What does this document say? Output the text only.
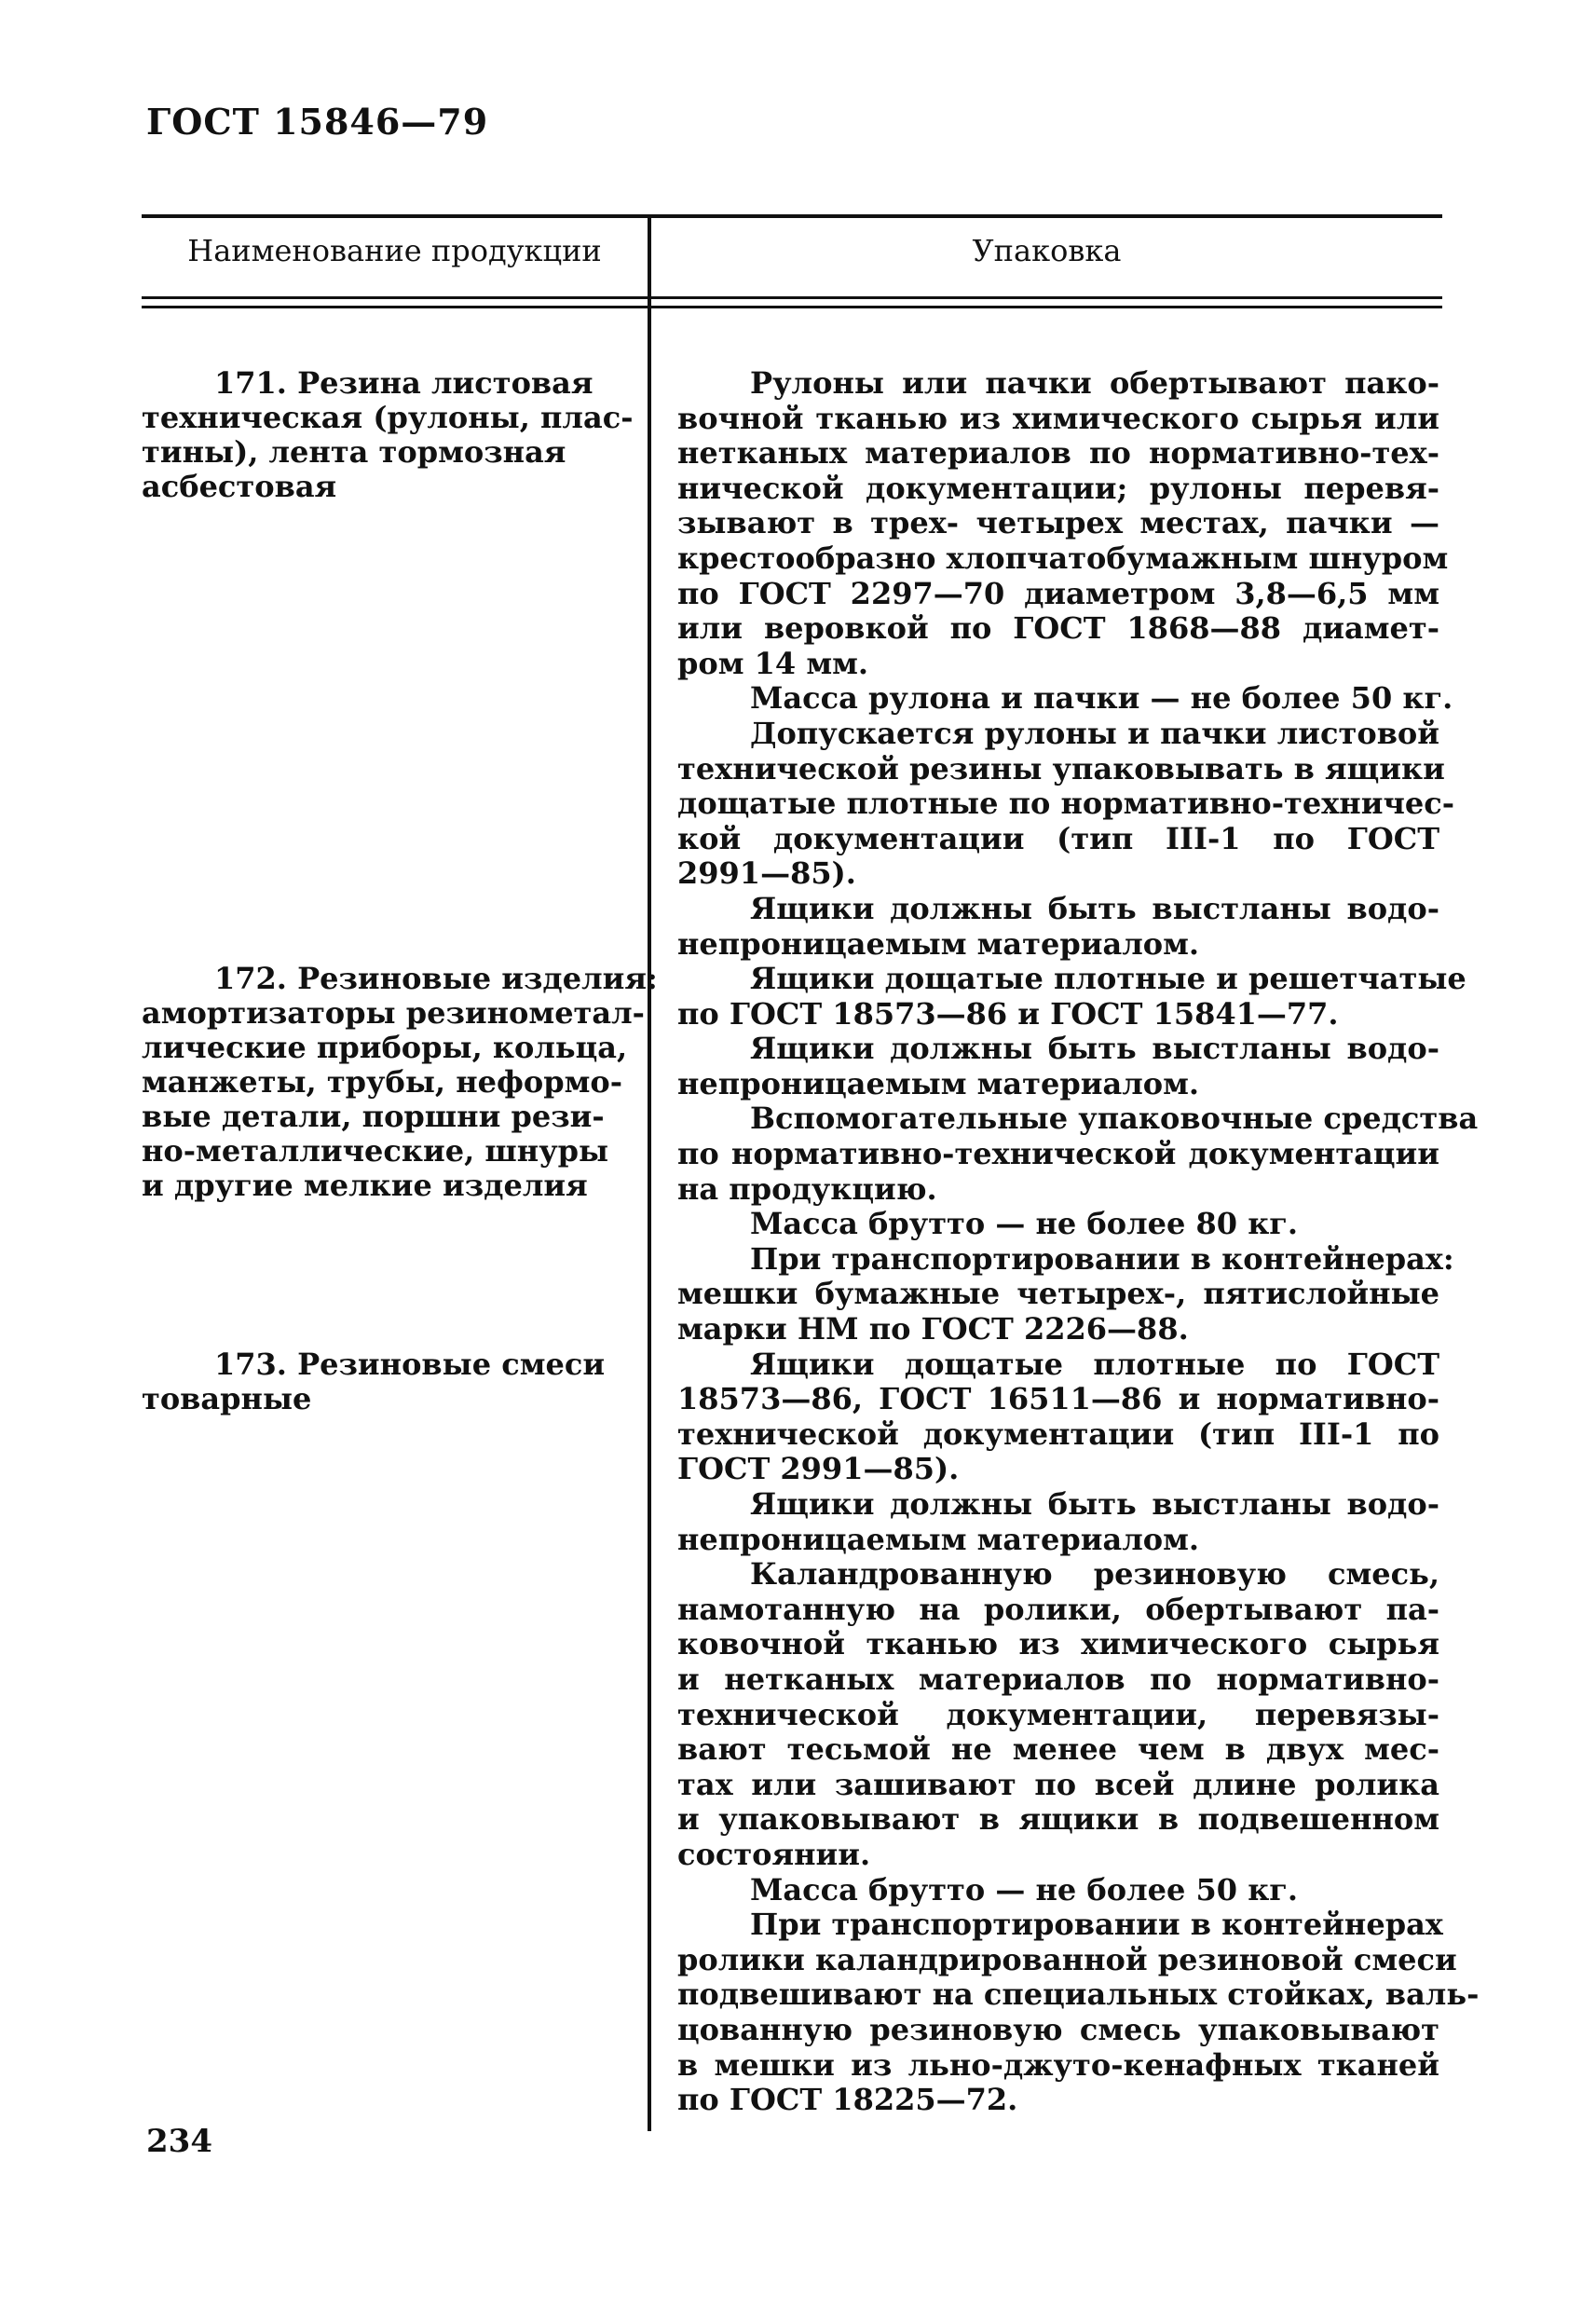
ГОСТ 15846—79

Наименование продукции	Упаковка

171. Резина листовая
техническая (рулоны, плас-
тины), лента тормозная
асбестовая
172. Резиновые изделия:
амортизаторы резинометал-
лические приборы, кольца,
манжеты, трубы, неформо-
вые детали, поршни рези-
но-металлические, шнуры
и другие мелкие изделия
173. Резиновые смеси
товарные
Рулоны или пачки обертывают пако-
вочной тканью из химического сырья или
нетканых материалов по нормативно-тех-
нической документации; рулоны перевя-
зывают в трех- четырех местах, пачки —
крестообразно хлопчатобумажным шнуром
по ГОСТ 2297—70 диаметром 3,8—6,5 мм
или веровкой по ГОСТ 1868—88 диамет-
ром 14 мм.
Масса рулона и пачки — не более 50 кг.
Допускается рулоны и пачки листовой
технической резины упаковывать в ящики
дощатые плотные по нормативно-техничес-
кой документации (тип III-1 по ГОСТ
2991—85).
Ящики должны быть выстланы водо-
непроницаемым материалом.
Ящики дощатые плотные и решетчатые
по ГОСТ 18573—86 и ГОСТ 15841—77.
Ящики должны быть выстланы водо-
непроницаемым материалом.
Вспомогательные упаковочные средства
по нормативно-технической документации
на продукцию.
Масса брутто — не более 80 кг.
При транспортировании в контейнерах:
мешки бумажные четырех-, пятислойные
марки НМ по ГОСТ 2226—88.
Ящики дощатые плотные по ГОСТ
18573—86, ГОСТ 16511—86 и нормативно-
технической документации (тип III-1 по
ГОСТ 2991—85).
Ящики должны быть выстланы водо-
непроницаемым материалом.
Каландрованную резиновую смесь,
намотанную на ролики, обертывают па-
ковочной тканью из химического сырья
и нетканых материалов по нормативно-
технической документации, перевязы-
вают тесьмой не менее чем в двух мес-
тах или зашивают по всей длине ролика
и упаковывают в ящики в подвешенном
состоянии.
Масса брутто — не более 50 кг.
При транспортировании в контейнерах
ролики каландрированной резиновой смеси
подвешивают на специальных стойках, валь-
цованную резиновую смесь упаковывают
в мешки из льно-джуто-кенафных тканей
по ГОСТ 18225—72.

234
